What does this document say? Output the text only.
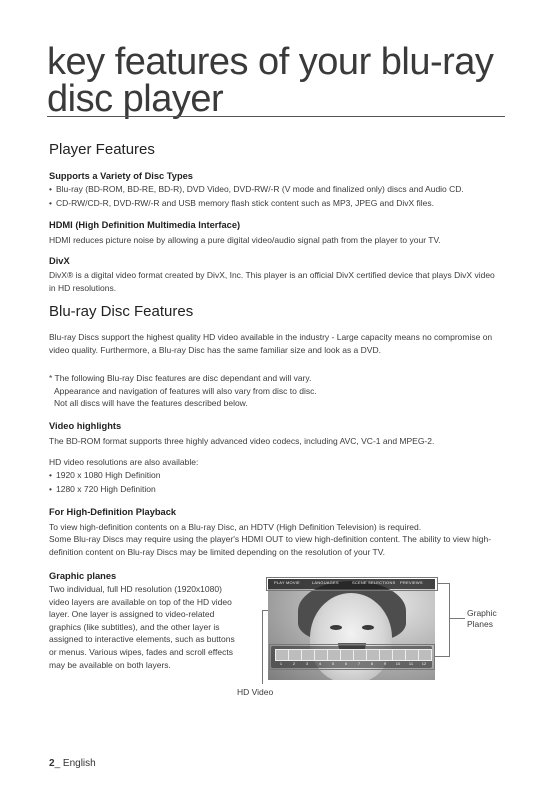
key features of your blu-ray
disc player
Player Features
Supports a Variety of Disc Types

• Blu-ray (BD-ROM, BD-RE, BD-R), DVD Video, DVD-RW/-R (V mode and finalized only) discs and Audio CD.

• CD-RW/CD-R, DVD-RW/-R and USB memory flash stick content such as MP3, JPEG and DivX files.

HDMI (High Definition Multimedia Interface)

HDMI reduces picture noise by allowing a pure digital video/audio signal path from the player to your TV.

DivX

DivX® is a digital video format created by DivX, Inc. This player is an official DivX certified device that plays DivX video in HD resolutions.

Blu-ray Disc Features

Blu-ray Discs support the highest quality HD video available in the industry - Large capacity means no compromise on video quality. Furthermore, a Blu-ray Disc has the same familiar size and look as a DVD.

* The following Blu-ray Disc features are disc dependant and will vary.

Appearance and navigation of features will also vary from disc to disc.

Not all discs will have the features described below.

Video highlights

The BD-ROM format supports three highly advanced video codecs, including AVC, VC-1 and MPEG-2.

HD video resolutions are also available:

• 1920 x 1080 High Definition

• 1280 x 720 High Definition

For High-Definition Playback

To view high-definition contents on a Blu-ray Disc, an HDTV (High Definition Television) is required.

Some Blu-ray Discs may require using the player's HDMI OUT to view high-definition content. The ability to view high-definition content on Blu-ray Discs may be limited depending on the resolution of your TV.

Graphic planes

Two individual, full HD resolution (1920x1080) video layers are available on top of the HD video layer. One layer is assigned to video-related graphics (like subtitles), and the other layer is assigned to interactive elements, such as buttons or menus. Various wipes, fades and scroll effects may be available on both layers.

PLAY MOVIE	LANGUAGES	SCENE SELECTIONS PREVIEWS
1	2	3	4	5	6	7	8	9	10	11	12
Graphic
Planes
HD Video
2_ English
